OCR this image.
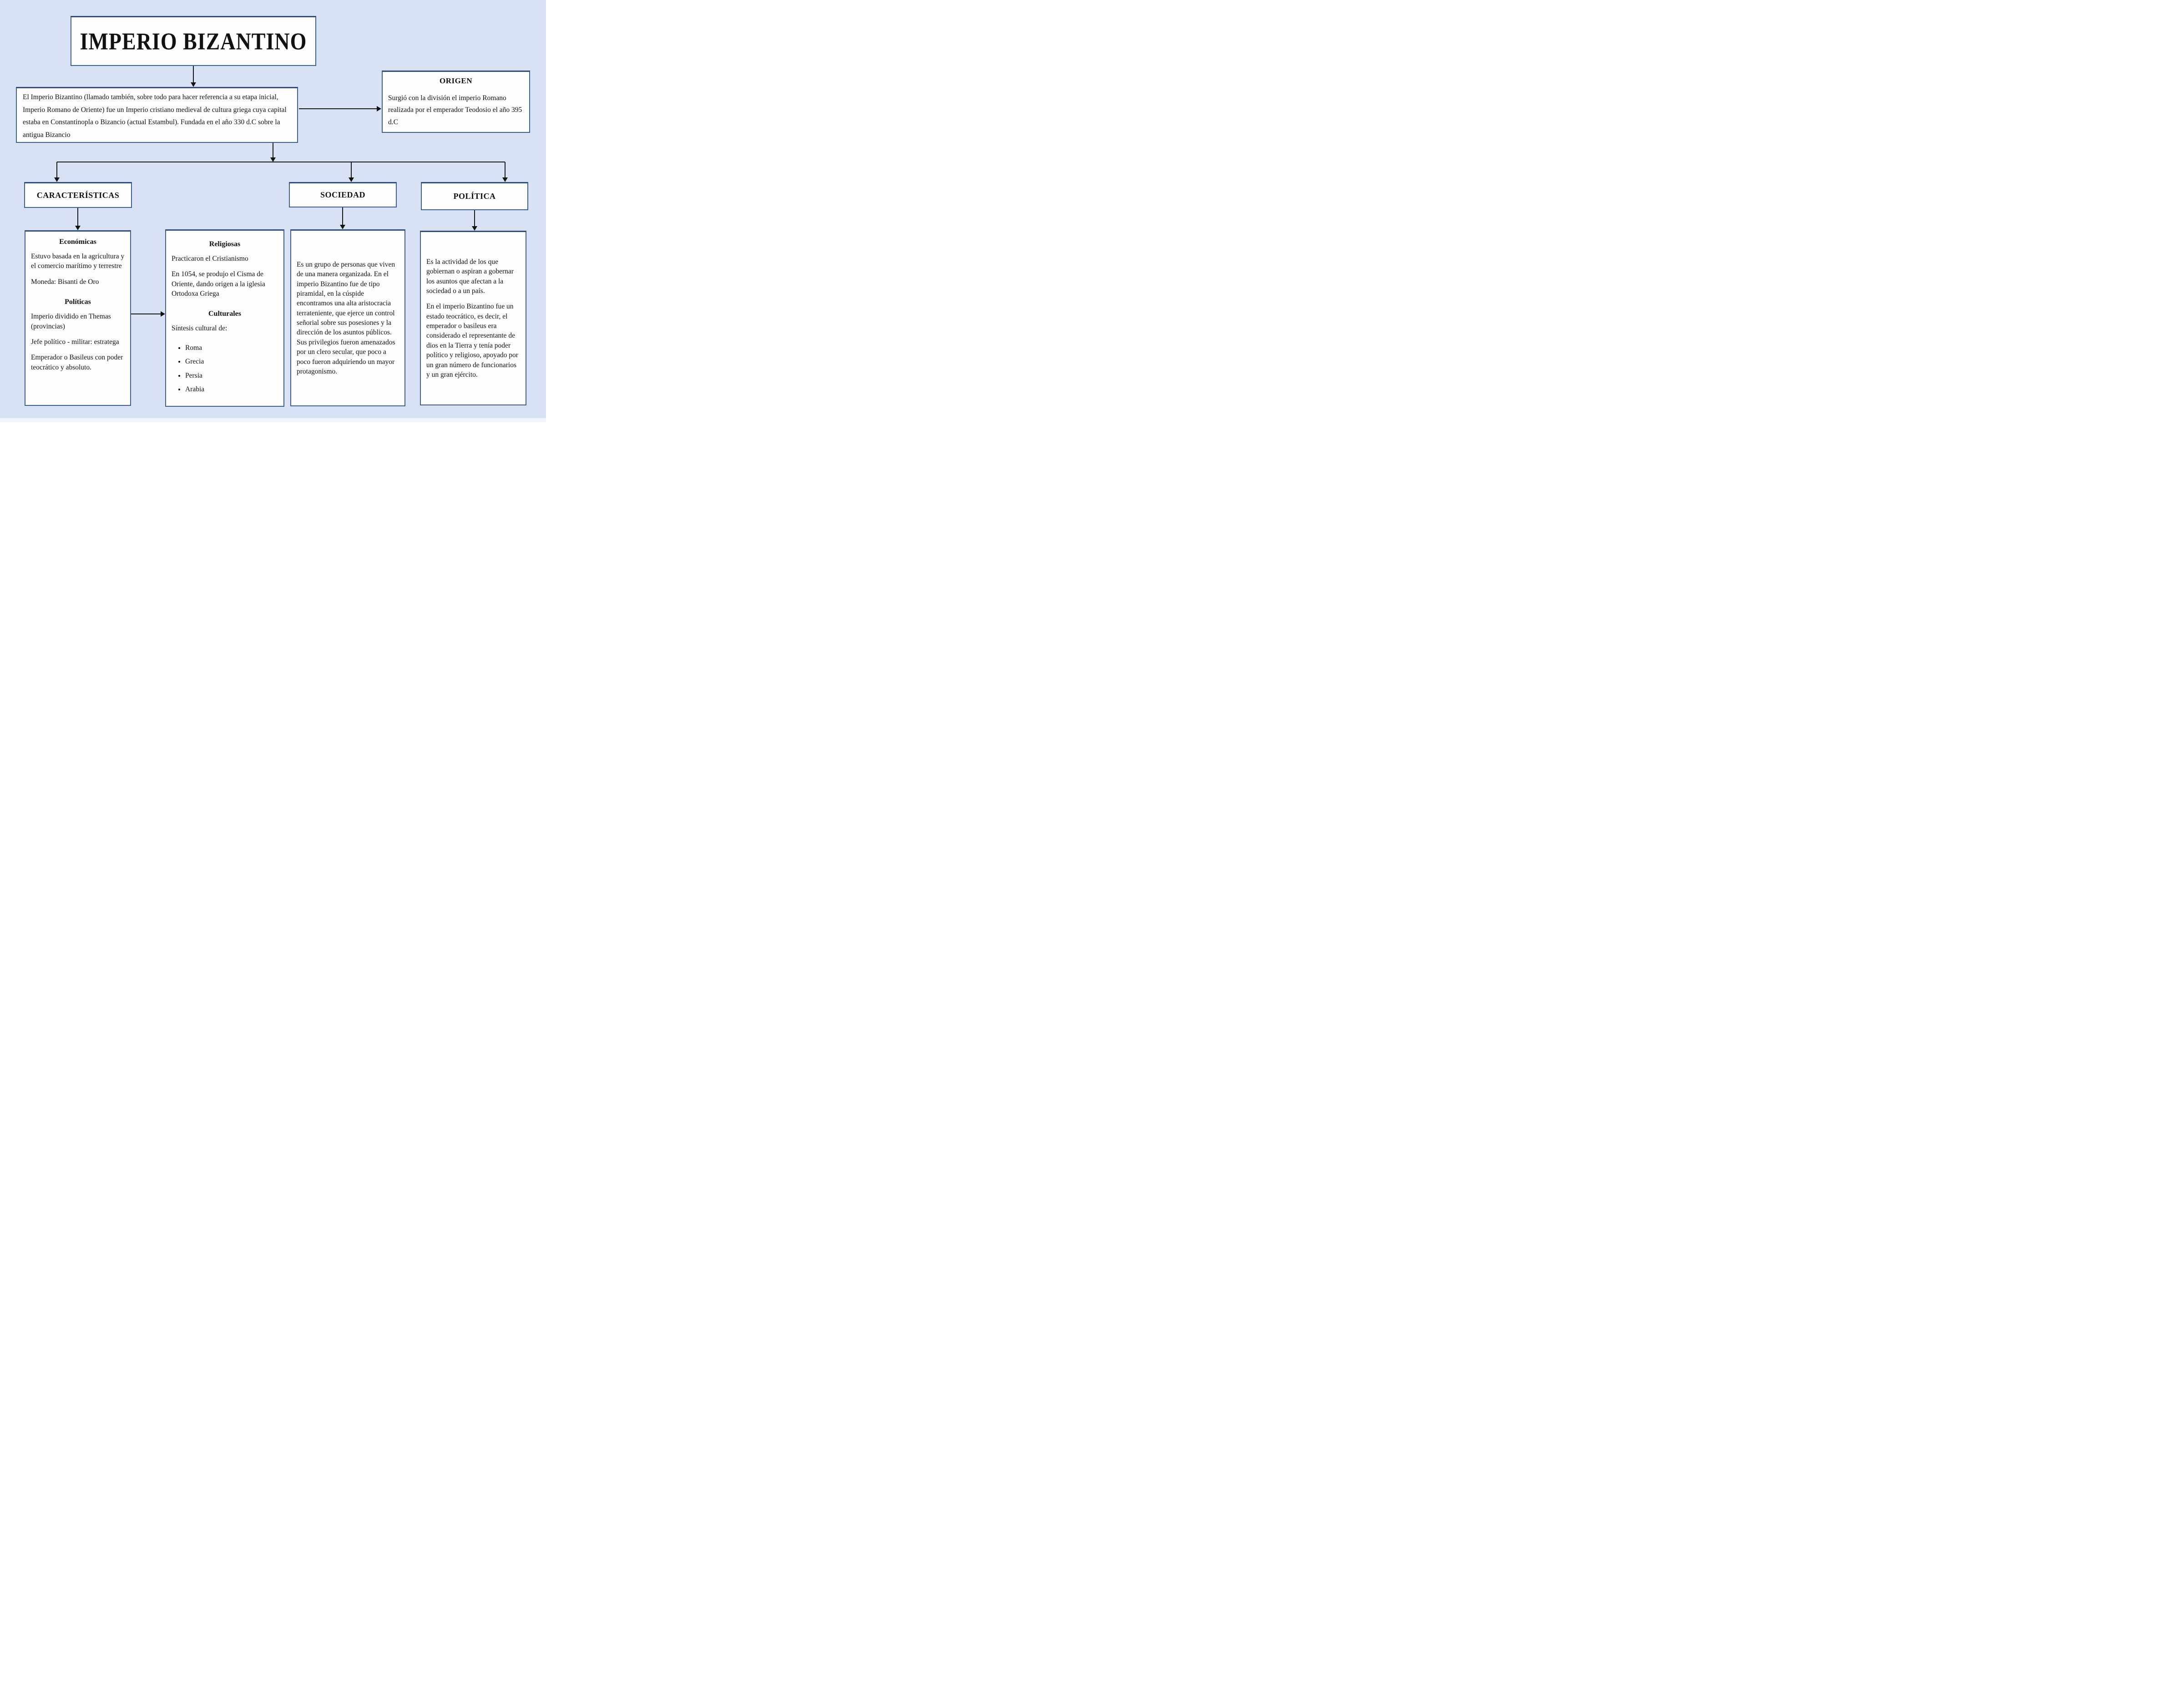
IMPERIO BIZANTINO
El Imperio Bizantino (llamado también, sobre todo para hacer referencia a su etapa inicial, Imperio Romano de Oriente) fue un Imperio cristiano medieval de cultura griega cuya capital estaba en Constantinopla o Bizancio (actual Estambul). Fundada en el año 330 d.C sobre la antigua Bizancio
ORIGEN
Surgió con la división el imperio Romano realizada por el emperador Teodosio el año 395 d.C
CARACTERÍSTICAS	SOCIEDAD	POLÍTICA
Económicas

Estuvo basada en la agricultura y el comercio marítimo y terrestre

Moneda: Bisanti de Oro

Políticas

Imperio dividido en Themas (provincias)

Jefe político - militar: estratega

Emperador o Basileus con poder teocrático y absoluto.

Religiosas

Practicaron el Cristianismo

En 1054, se produjo el Cisma de Oriente, dando origen a la iglesia Ortodoxa Griega

Culturales

Síntesis cultural de:

• Roma
• Grecia
• Persia
• Arabia

Es un grupo de personas que viven de una manera organizada. En el imperio Bizantino fue de tipo piramidal, en la cúspide encontramos una alta aristocracia terrateniente, que ejerce un control señorial sobre sus posesiones y la dirección de los asuntos públicos. Sus privilegios fueron amenazados por un clero secular, que poco a poco fueron adquiriendo un mayor protagonismo.

Es la actividad de los que gobiernan o aspiran a gobernar los asuntos que afectan a la sociedad o a un país.

En el imperio Bizantino fue un estado teocrático, es decir, el emperador o basileus era considerado el representante de dios en la Tierra y tenía poder político y religioso, apoyado por un gran número de funcionarios y un gran ejército.
